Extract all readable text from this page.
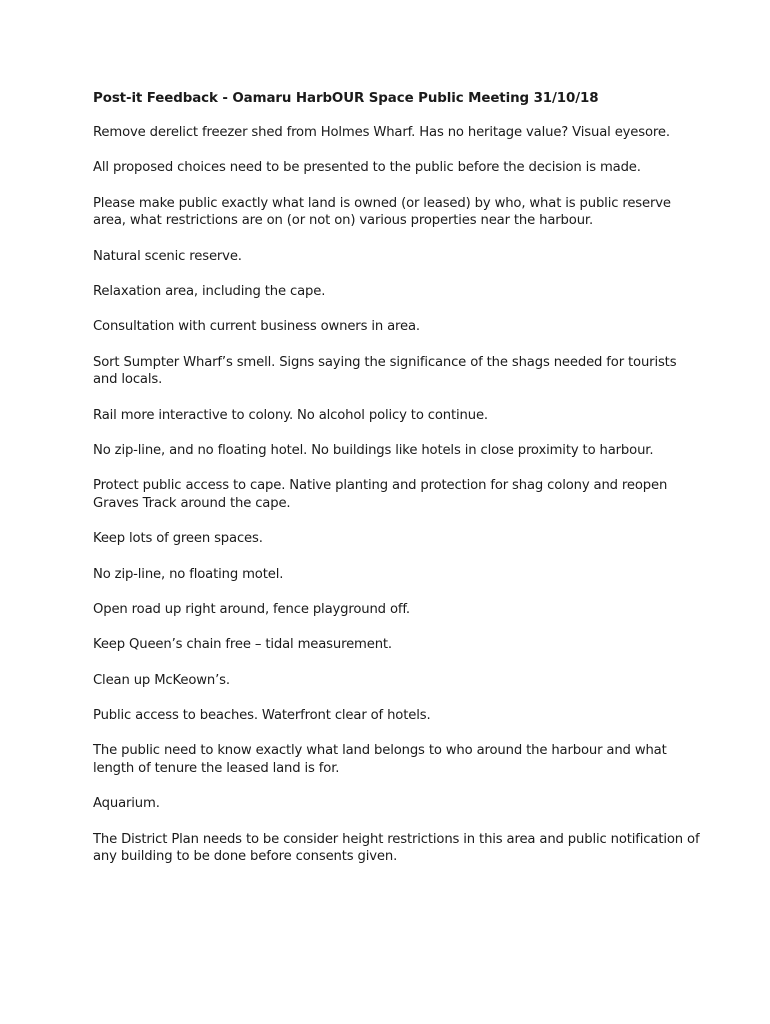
Post-it Feedback - Oamaru HarbOUR Space Public Meeting 31/10/18
Remove derelict freezer shed from Holmes Wharf. Has no heritage value? Visual eyesore.
All proposed choices need to be presented to the public before the decision is made.
Please make public exactly what land is owned (or leased) by who, what is public reserve area, what restrictions are on (or not on) various properties near the harbour.
Natural scenic reserve.
Relaxation area, including the cape.
Consultation with current business owners in area.
Sort Sumpter Wharf’s smell. Signs saying the significance of the shags needed for tourists and locals.
Rail more interactive to colony. No alcohol policy to continue.
No zip-line, and no floating hotel. No buildings like hotels in close proximity to harbour.
Protect public access to cape. Native planting and protection for shag colony and reopen Graves Track around the cape.
Keep lots of green spaces.
No zip-line, no floating motel.
Open road up right around, fence playground off.
Keep Queen’s chain free – tidal measurement.
Clean up McKeown’s.
Public access to beaches. Waterfront clear of hotels.
The public need to know exactly what land belongs to who around the harbour and what length of tenure the leased land is for.
Aquarium.
The District Plan needs to be consider height restrictions in this area and public notification of any building to be done before consents given.
